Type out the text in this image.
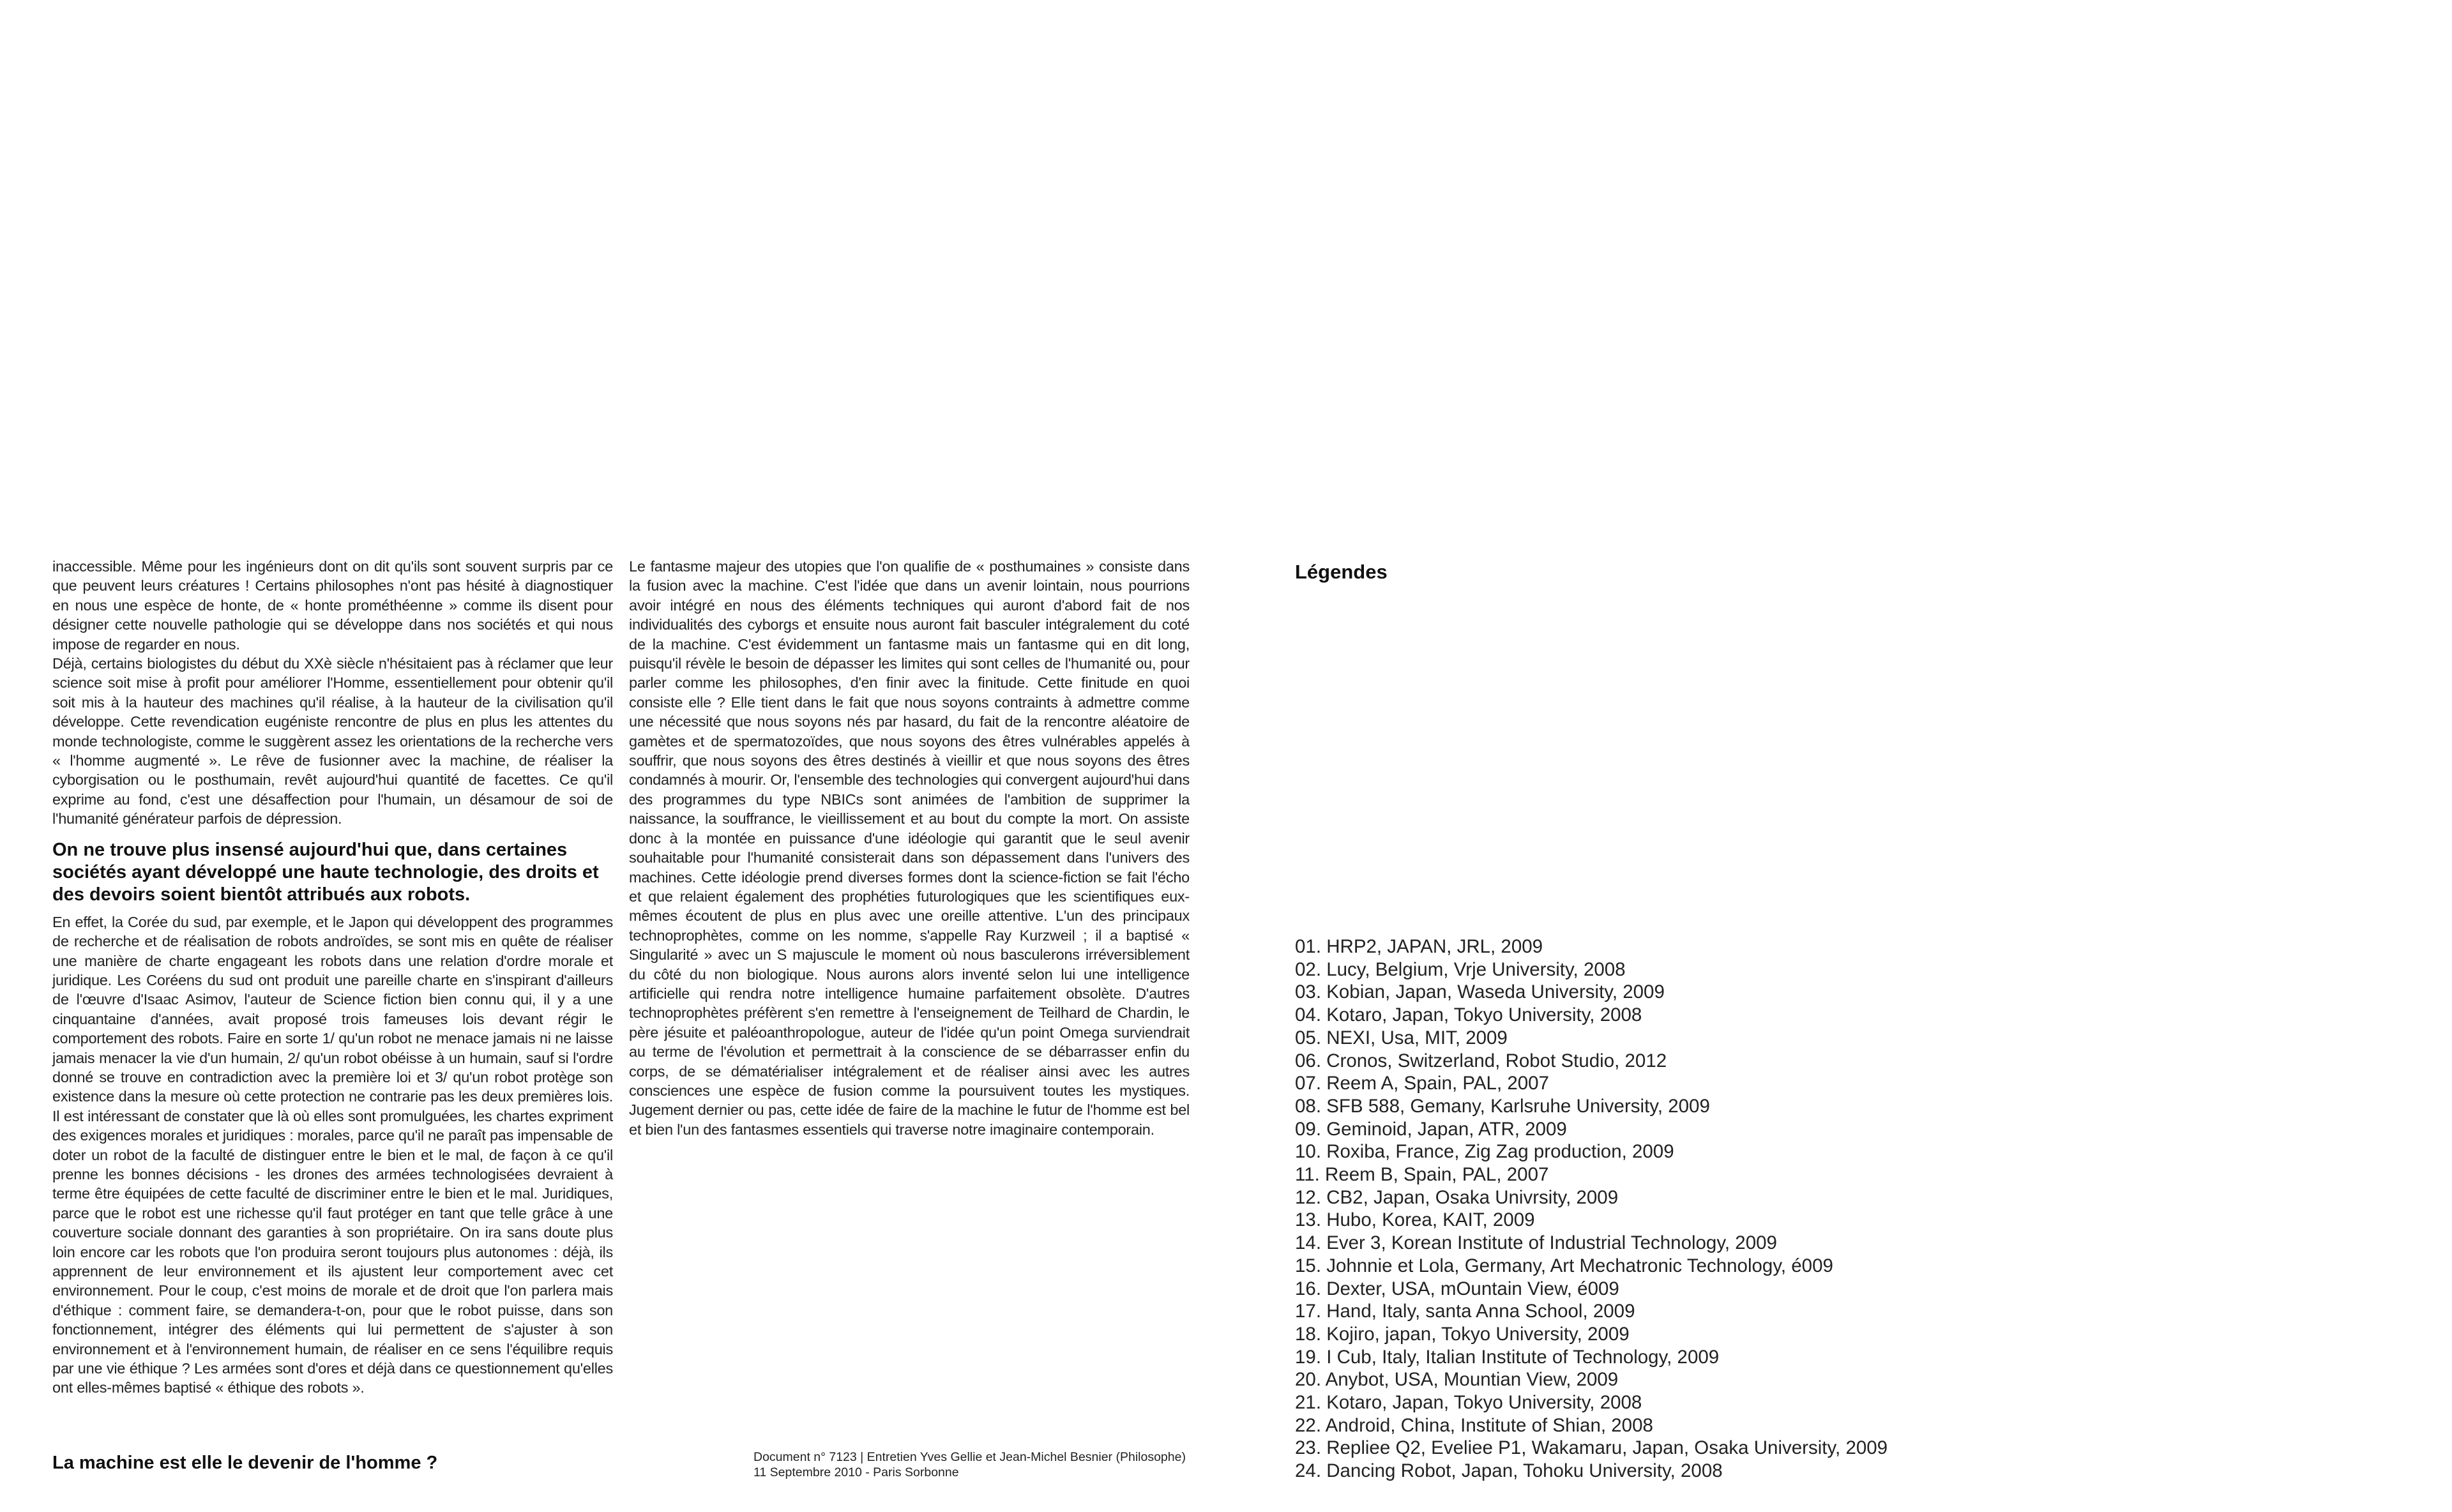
inaccessible. Même pour les ingénieurs dont on dit qu'ils sont souvent surpris par ce que peuvent leurs créatures ! Certains philosophes n'ont pas hésité à diagnostiquer en nous une espèce de honte, de « honte prométhéenne » comme ils disent pour désigner cette nouvelle pathologie qui se développe dans nos sociétés et qui nous impose de regarder en nous.

Déjà, certains biologistes du début du XXè siècle n'hésitaient pas à réclamer que leur science soit mise à profit pour améliorer l'Homme, essentiellement pour obtenir qu'il soit mis à la hauteur des machines qu'il réalise, à la hauteur de la civilisation qu'il développe. Cette revendication eugéniste rencontre de plus en plus les attentes du monde technologiste, comme le suggèrent assez les orientations de la recherche vers « l'homme augmenté ». Le rêve de fusionner avec la machine, de réaliser la cyborgisation ou le posthumain, revêt aujourd'hui quantité de facettes. Ce qu'il exprime au fond, c'est une désaffection pour l'humain, un désamour de soi de l'humanité générateur parfois de dépression.

On ne trouve plus insensé aujourd'hui que, dans certaines sociétés ayant développé une haute technologie, des droits et des devoirs soient bientôt attribués aux robots.

En effet, la Corée du sud, par exemple, et le Japon qui développent des programmes de recherche et de réalisation de robots androïdes, se sont mis en quête de réaliser une manière de charte engageant les robots dans une relation d'ordre morale et juridique. Les Coréens du sud ont produit une pareille charte en s'inspirant d'ailleurs de l'œuvre d'Isaac Asimov, l'auteur de Science fiction bien connu qui, il y a une cinquantaine d'années, avait proposé trois fameuses lois devant régir le comportement des robots. Faire en sorte 1/ qu'un robot ne menace jamais ni ne laisse jamais menacer la vie d'un humain, 2/ qu'un robot obéisse à un humain, sauf si l'ordre donné se trouve en contradiction avec la première loi et 3/ qu'un robot protège son existence dans la mesure où cette protection ne contrarie pas les deux premières lois. Il est intéressant de constater que là où elles sont promulguées, les chartes expriment des exigences morales et juridiques : morales, parce qu'il ne paraît pas impensable de doter un robot de la faculté de distinguer entre le bien et le mal, de façon à ce qu'il prenne les bonnes décisions - les drones des armées technologisées devraient à terme être équipées de cette faculté de discriminer entre le bien et le mal. Juridiques, parce que le robot est une richesse qu'il faut protéger en tant que telle grâce à une couverture sociale donnant des garanties à son propriétaire. On ira sans doute plus loin encore car les robots que l'on produira seront toujours plus autonomes : déjà, ils apprennent de leur environnement et ils ajustent leur comportement avec cet environnement. Pour le coup, c'est moins de morale et de droit que l'on parlera mais d'éthique : comment faire, se demandera-t-on, pour que le robot puisse, dans son fonctionnement, intégrer des éléments qui lui permettent de s'ajuster à son environnement et à l'environnement humain, de réaliser en ce sens l'équilibre requis par une vie éthique ? Les armées sont d'ores et déjà dans ce questionnement qu'elles ont elles-mêmes baptisé « éthique des robots ».

La machine est elle le devenir de l'homme ?

Le fantasme majeur des utopies que l'on qualifie de « posthumaines » consiste dans la fusion avec la machine. C'est l'idée que dans un avenir lointain, nous pourrions avoir intégré en nous des éléments techniques qui auront d'abord fait de nos individualités des cyborgs et ensuite nous auront fait basculer intégralement du coté de la machine. C'est évidemment un fantasme mais un fantasme qui en dit long, puisqu'il révèle le besoin de dépasser les limites qui sont celles de l'humanité ou, pour parler comme les philosophes, d'en finir avec la finitude. Cette finitude en quoi consiste elle ? Elle tient dans le fait que nous soyons contraints à admettre comme une nécessité que nous soyons nés par hasard, du fait de la rencontre aléatoire de gamètes et de spermatozoïdes, que nous soyons des êtres vulnérables appelés à souffrir, que nous soyons des êtres destinés à vieillir et que nous soyons des êtres condamnés à mourir. Or, l'ensemble des technologies qui convergent aujourd'hui dans des programmes du type NBICs sont animées de l'ambition de supprimer la naissance, la souffrance, le vieillissement et au bout du compte la mort. On assiste donc à la montée en puissance d'une idéologie qui garantit que le seul avenir souhaitable pour l'humanité consisterait dans son dépassement dans l'univers des machines. Cette idéologie prend diverses formes dont la science-fiction se fait l'écho et que relaient également des prophéties futurologiques que les scientifiques eux-mêmes écoutent de plus en plus avec une oreille attentive. L'un des principaux technoprophètes, comme on les nomme, s'appelle Ray Kurzweil ; il a baptisé « Singularité » avec un S majuscule le moment où nous basculerons irréversiblement du côté du non biologique. Nous aurons alors inventé selon lui une intelligence artificielle qui rendra notre intelligence humaine parfaitement obsolète. D'autres technoprophètes préfèrent s'en remettre à l'enseignement de Teilhard de Chardin, le père jésuite et paléoanthropologue, auteur de l'idée qu'un point Omega surviendrait au terme de l'évolution et permettrait à la conscience de se débarrasser enfin du corps, de se dématérialiser intégralement et de réaliser ainsi avec les autres consciences une espèce de fusion comme la poursuivent toutes les mystiques. Jugement dernier ou pas, cette idée de faire de la machine le futur de l'homme est bel et bien l'un des fantasmes essentiels qui traverse notre imaginaire contemporain.

Document n° 7123 | Entretien Yves Gellie et Jean-Michel Besnier (Philosophe)
11 Septembre 2010 - Paris Sorbonne
Légendes
01. HRP2, JAPAN, JRL, 2009
02. Lucy, Belgium, Vrje University, 2008
03. Kobian, Japan, Waseda University, 2009
04. Kotaro, Japan, Tokyo University, 2008
05. NEXI, Usa, MIT, 2009
06. Cronos, Switzerland, Robot Studio, 2012
07. Reem A, Spain, PAL, 2007
08. SFB 588, Gemany, Karlsruhe University, 2009
09. Geminoid, Japan, ATR, 2009
10. Roxiba, France, Zig Zag production, 2009
11. Reem B, Spain, PAL, 2007
12. CB2, Japan, Osaka Univrsity, 2009
13. Hubo, Korea, KAIT, 2009
14. Ever 3, Korean Institute of Industrial Technology, 2009
15. Johnnie et Lola, Germany, Art Mechatronic Technology, é009
16. Dexter, USA, mOuntain View, é009
17. Hand, Italy, santa Anna School, 2009
18. Kojiro, japan, Tokyo University, 2009
19. I Cub, Italy, Italian Institute of Technology, 2009
20. Anybot, USA, Mountian View, 2009
21. Kotaro, Japan, Tokyo University, 2008
22. Android, China, Institute of Shian, 2008
23. Repliee Q2, Eveliee P1, Wakamaru, Japan, Osaka University, 2009
24. Dancing Robot, Japan, Tohoku University, 2008
